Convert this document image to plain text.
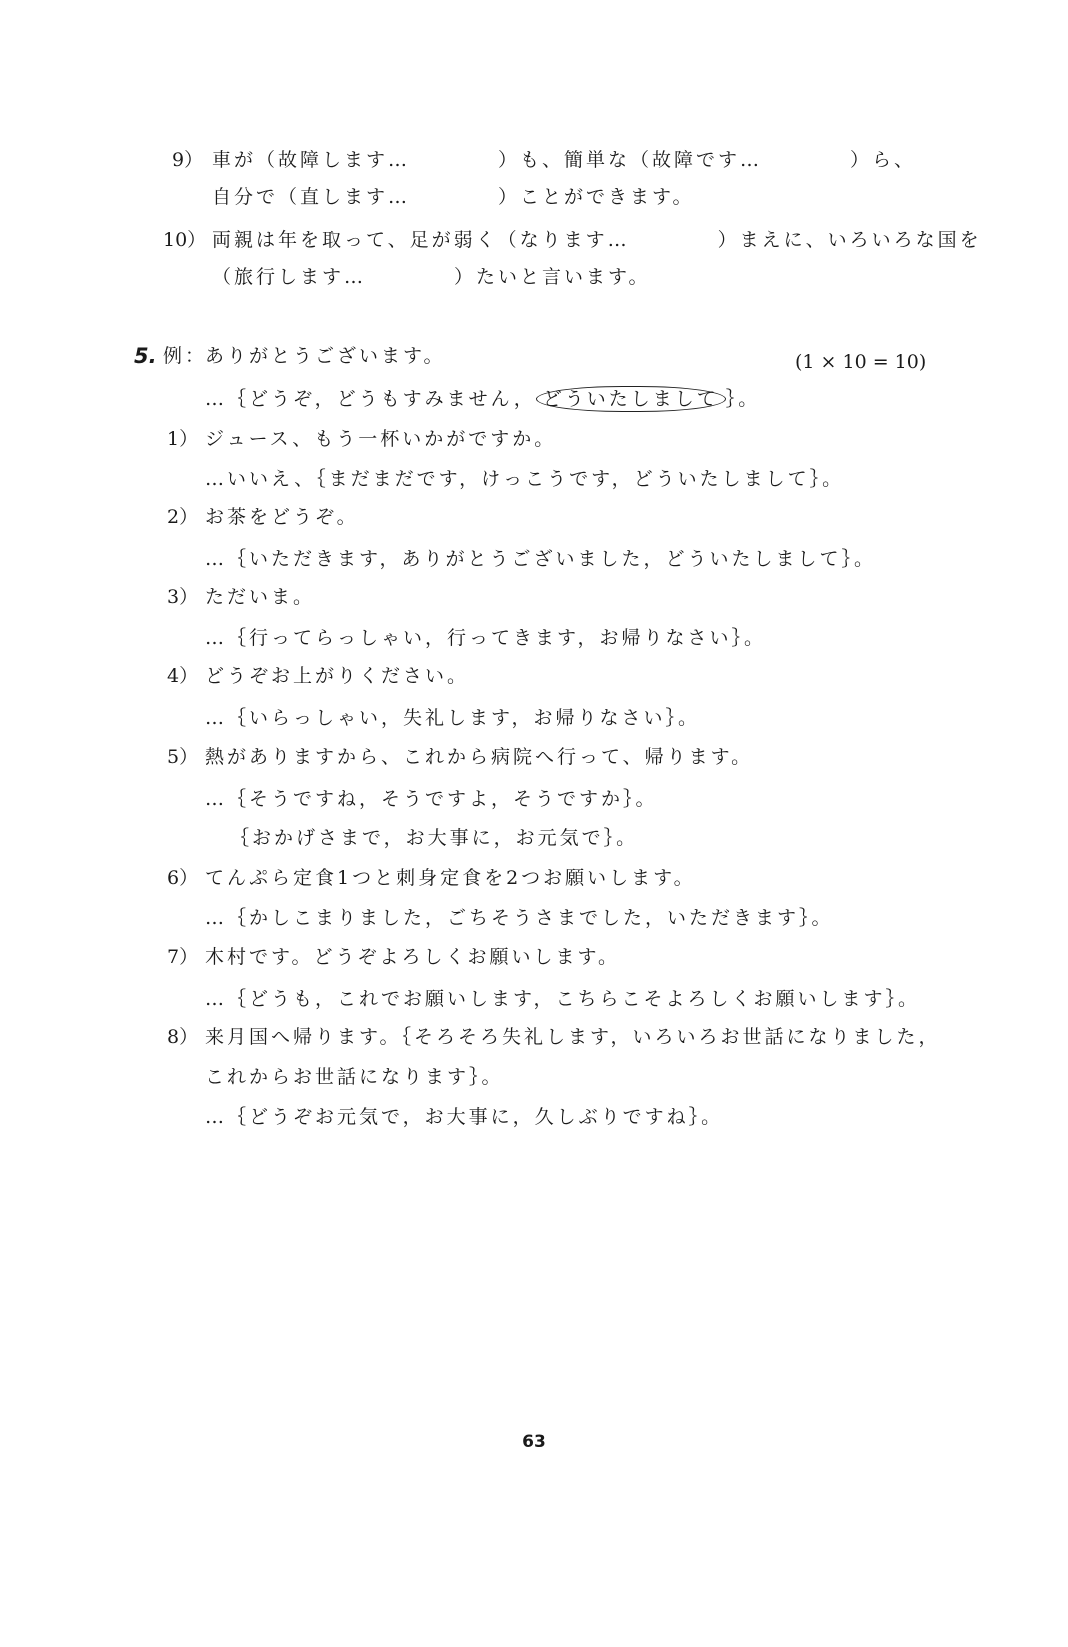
9） 車が（故障します…　　　　）も、簡単な（故障です…　　　　）ら、
自分で（直します…　　　　）ことができます。
10） 両親は年を取って、足が弱く（なります…　　　　）まえに、いろいろな国を
（旅行します…　　　　）たいと言います。
5. 例：
ありがとうございます。	(1 × 10 = 10)
…｛どうぞ，どうもすみません， どういたしまして ｝。
1） ジュース、もう一杯いかがですか。
…いいえ、｛まだまだです，けっこうです，どういたしまして｝。
2） お茶をどうぞ。
…｛いただきます，ありがとうございました，どういたしまして｝。
3） ただいま。
…｛行ってらっしゃい，行ってきます，お帰りなさい｝。
4） どうぞお上がりください。
…｛いらっしゃい，失礼します，お帰りなさい｝。
5） 熱がありますから、これから病院へ行って、帰ります。
…｛そうですね，そうですよ，そうですか｝。
｛おかげさまで，お大事に，お元気で｝。
6） てんぷら定食1つと刺身定食を2つお願いします。
…｛かしこまりました，ごちそうさまでした，いただきます｝。
7） 木村です。どうぞよろしくお願いします。
…｛どうも，これでお願いします，こちらこそよろしくお願いします｝。
8） 来月国へ帰ります。｛そろそろ失礼します，いろいろお世話になりました，
これからお世話になります｝。
…｛どうぞお元気で，お大事に，久しぶりですね｝。
63
